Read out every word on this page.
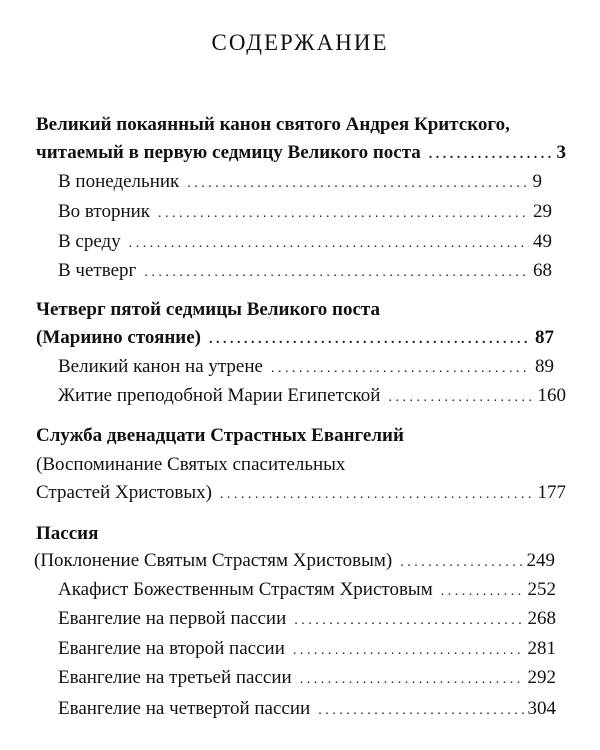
СОДЕРЖАНИЕ
Великий покаянный канон святого Андрея Критского,
читаемый в первую седмицу Великого поста . . .	3
В понедельник . . .	9
Во вторник . . .	29
В среду . . .	49
В четверг . . .	68
Четверг пятой седмицы Великого поста
(Мариино стояние) . . .	87
Великий канон на утрене . . .	89
Житие преподобной Марии Египетской . . .	160
Служба двенадцати Страстных Евангелий
(Воспоминание Святых спасительных
Страстей Христовых) . . .	177
Пассия
(Поклонение Святым Страстям Христовым) . . .	249
Акафист Божественным Страстям Христовым . . .	252
Евангелие на первой пассии . . .	268
Евангелие на второй пассии . . .	281
Евангелие на третьей пассии . . .	292
Евангелие на четвертой пассии . . .	304
